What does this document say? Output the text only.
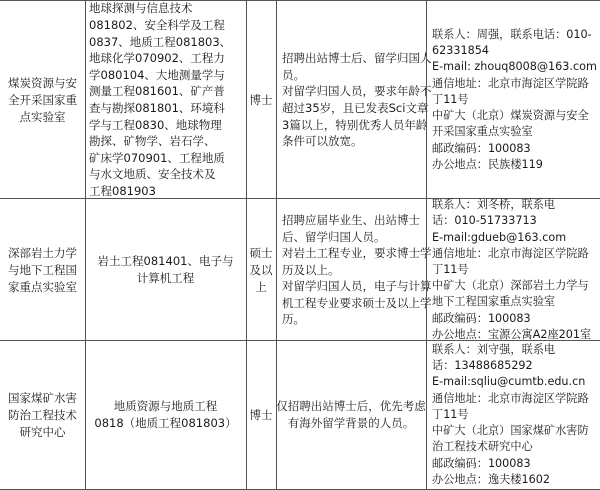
煤炭资源与安
全开采国家重
点实验室
地球探测与信息技术
081802、安全科学及工程
0837、地质工程081803、
地球化学070902、工程力
学080104、大地测量学与
测量工程081601、矿产普
查与勘探081801、环境科
学与工程0830、地球物理
勘探、矿物学、岩石学、
矿床学070901、工程地质
与水文地质、安全技术及
工程081903
博士
招聘出站博士后、留学归国人
员。
对留学归国人员，要求年龄不
超过35岁，且已发表Sci文章
3篇以上，特别优秀人员年龄
条件可以放宽。
联系人：周强，联系电话：010-
62331854
E-mail: zhouq8008@163.com
通信地址：北京市海淀区学院路
丁11号
中矿大（北京）煤炭资源与安全
开采国家重点实验室
邮政编码：100083
办公地点：民族楼119
深部岩土力学
与地下工程国
家重点实验室
岩土工程081401、电子与
计算机工程
硕士
及以
上
招聘应届毕业生、出站博士
后、留学归国人员。
对岩土工程专业，要求博士学
历及以上。
对留学归国人员，电子与计算
机工程专业要求硕士及以上学
历。
联系人：刘冬桥，联系电
话：010-51733713
E-mail:gdueb@163.com
通信地址：北京市海淀区学院路
丁11号
中矿大（北京）深部岩土力学与
地下工程国家重点实验室
邮政编码：100083
办公地点：宝源公寓A2座201室
国家煤矿水害
防治工程技术
研究中心
地质资源与地质工程
0818（地质工程081803）
博士
仅招聘出站博士后，优先考虑
有海外留学背景的人员。
联系人：刘守强，联系电
话：13488685292
E-mail:sqliu@cumtb.edu.cn
通信地址：北京市海淀区学院路
丁11号
中矿大（北京）国家煤矿水害防
治工程技术研究中心
邮政编码：100083
办公地点：逸夫楼1602
